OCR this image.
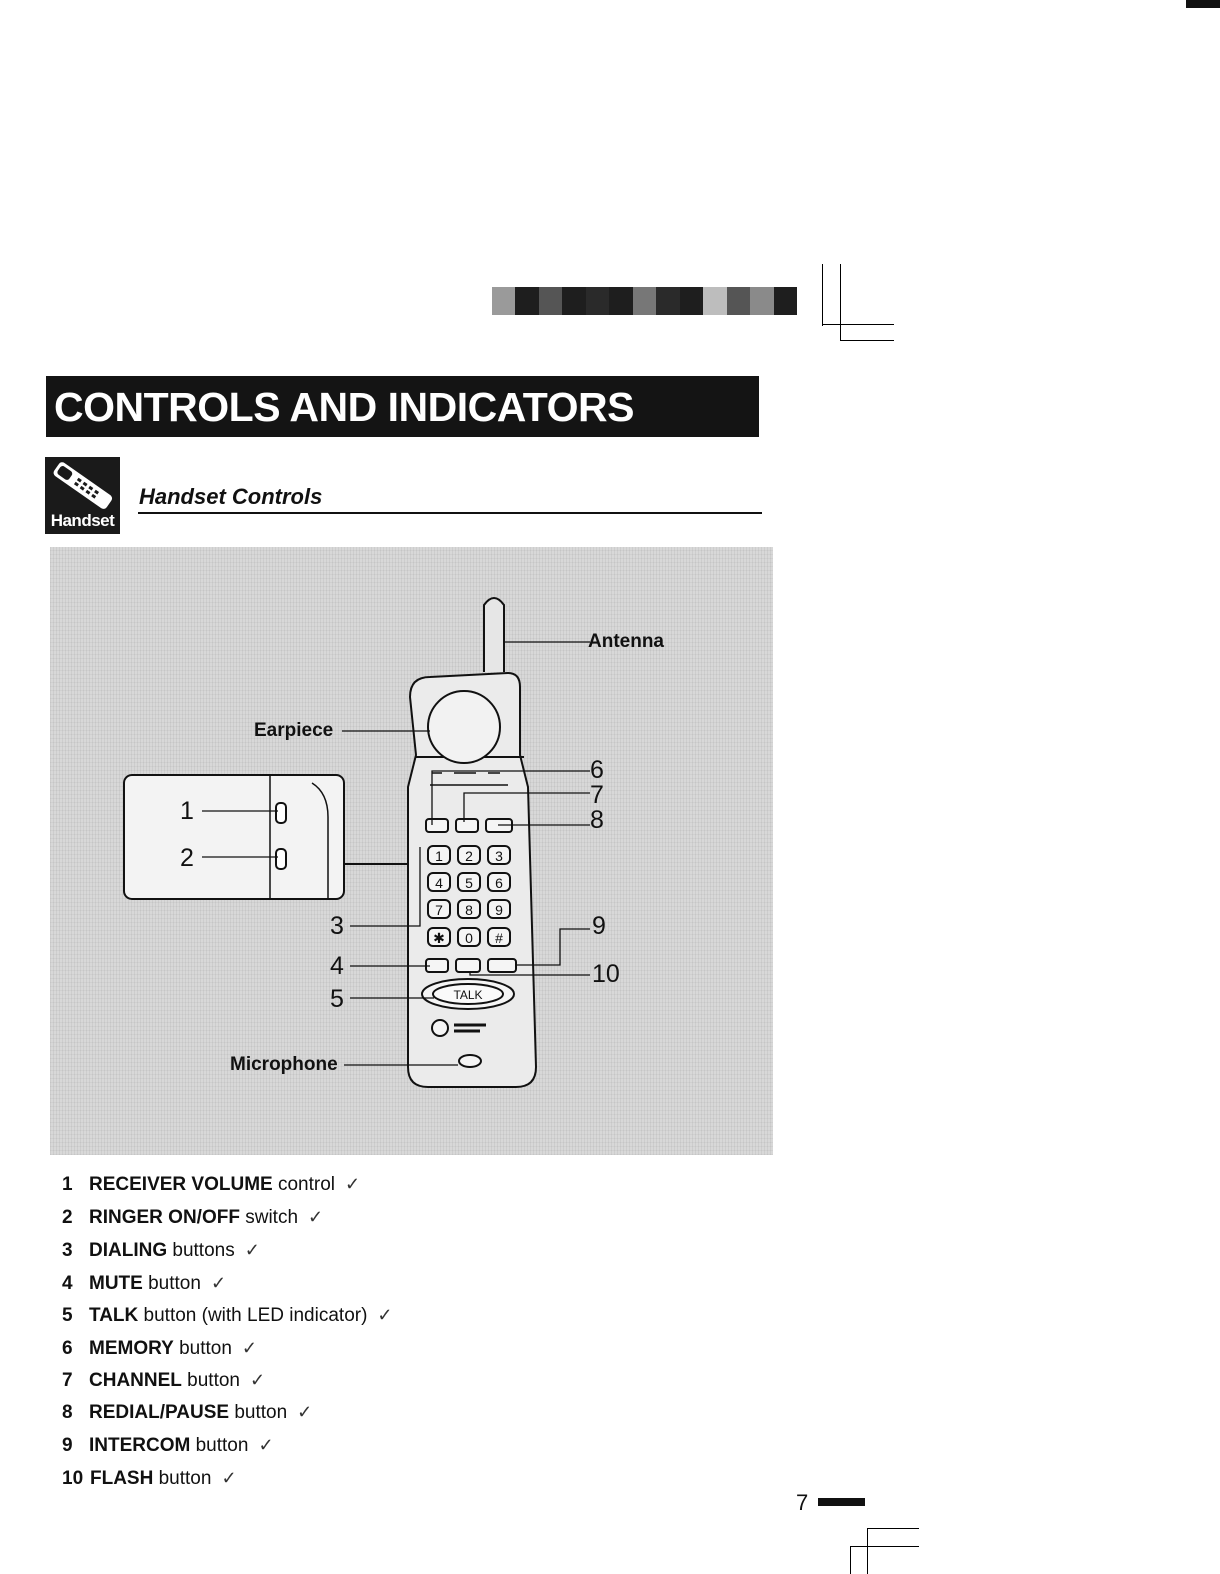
CONTROLS AND INDICATORS
Handset
Handset Controls
1 2 3
4 5 6
7 8 9
✱ 0 #
TALK
Antenna
Earpiece
Microphone
1
2
3
4
5
6
7
8
9
10
1 RECEIVER VOLUME control ✓
2 RINGER ON/OFF switch ✓
3 DIALING buttons ✓
4 MUTE button ✓
5 TALK button (with LED indicator) ✓
6 MEMORY button ✓
7 CHANNEL button ✓
8 REDIAL/PAUSE button ✓
9 INTERCOM button ✓
10 FLASH button ✓
7
